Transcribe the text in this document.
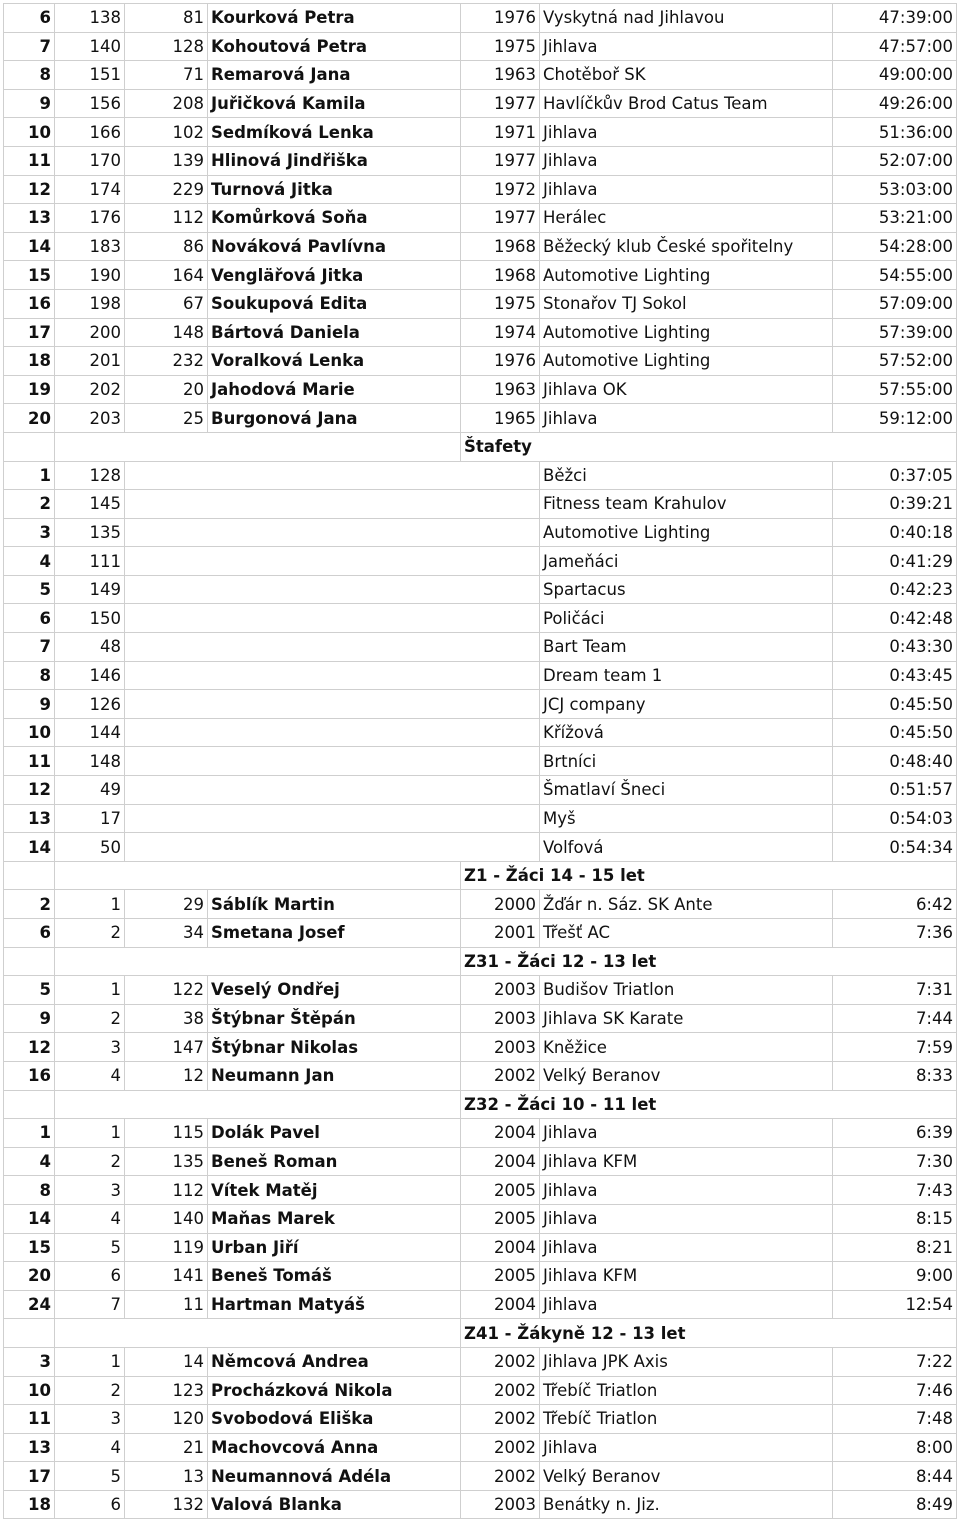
6	138	81	Kourková Petra	1976	Vyskytná nad Jihlavou	47:39:00
7	140	128	Kohoutová Petra	1975	Jihlava	47:57:00
8	151	71	Remarová Jana	1963	Chotěboř SK	49:00:00
9	156	208	Juřičková Kamila	1977	Havlíčkův Brod Catus Team	49:26:00
10	166	102	Sedmíková Lenka	1971	Jihlava	51:36:00
11	170	139	Hlinová Jindřiška	1977	Jihlava	52:07:00
12	174	229	Turnová Jitka	1972	Jihlava	53:03:00
13	176	112	Komůrková Soňa	1977	Herálec	53:21:00
14	183	86	Nováková Pavlívna	1968	Běžecký klub České spořitelny	54:28:00
15	190	164	Vengläřová Jitka	1968	Automotive Lighting	54:55:00
16	198	67	Soukupová Edita	1975	Stonařov TJ Sokol	57:09:00
17	200	148	Bártová Daniela	1974	Automotive Lighting	57:39:00
18	201	232	Voralková Lenka	1976	Automotive Lighting	57:52:00
19	202	20	Jahodová Marie	1963	Jihlava OK	57:55:00
20	203	25	Burgonová Jana	1965	Jihlava	59:12:00
				Štafety		
1	128				Běžci	0:37:05
2	145				Fitness team Krahulov	0:39:21
3	135				Automotive Lighting	0:40:18
4	111				Jameňáci	0:41:29
5	149				Spartacus	0:42:23
6	150				Poličáci	0:42:48
7	48				Bart Team	0:43:30
8	146				Dream team 1	0:43:45
9	126				JCJ company	0:45:50
10	144				Kříž​ová	0:45:50
11	148				Brtníci	0:48:40
12	49				Šmatlaví Šneci	0:51:57
13	17				Myš	0:54:03
14	50				Volfová	0:54:34
				Z1 - Žáci 14 - 15 let		
2	1	29	Sáblík Martin	2000	Žďár n. Sáz. SK Ante	6:42
6	2	34	Smetana Josef	2001	Třešť AC	7:36
				Z31 - Žáci 12 - 13 let		
5	1	122	Veselý Ondřej	2003	Budišov Triatlon	7:31
9	2	38	Štýbnar Štěpán	2003	Jihlava SK Karate	7:44
12	3	147	Štýbnar Nikolas	2003	Kněžice	7:59
16	4	12	Neumann Jan	2002	Velký Beranov	8:33
				Z32 - Žáci 10 - 11 let		
1	1	115	Dolák Pavel	2004	Jihlava	6:39
4	2	135	Beneš Roman	2004	Jihlava KFM	7:30
8	3	112	Vítek Matěj	2005	Jihlava	7:43
14	4	140	Maňas Marek	2005	Jihlava	8:15
15	5	119	Urban Jiří	2004	Jihlava	8:21
20	6	141	Beneš Tomáš	2005	Jihlava KFM	9:00
24	7	11	Hartman Matyáš	2004	Jihlava	12:54
				Z41 - Žákyně 12 - 13 let		
3	1	14	Němcová Andrea	2002	Jihlava JPK Axis	7:22
10	2	123	Procházková Nikola	2002	Třebíč Triatlon	7:46
11	3	120	Svobodová Eliška	2002	Třebíč Triatlon	7:48
13	4	21	Machovcová Anna	2002	Jihlava	8:00
17	5	13	Neumannová Adéla	2002	Velký Beranov	8:44
18	6	132	Valová Blanka	2003	Benátky n. Jiz.	8:49
